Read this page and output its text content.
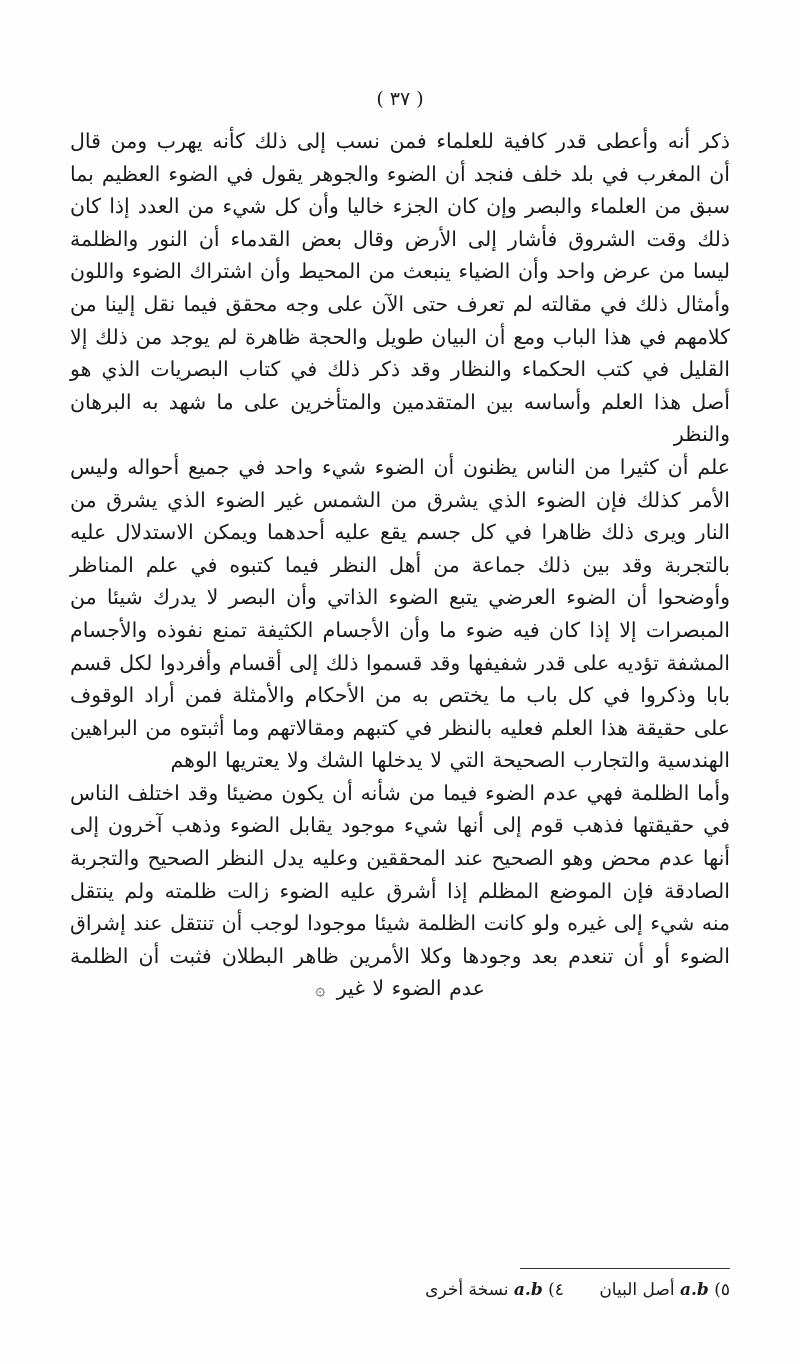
( ٣٧ )

ذكر أنه وأعطى قدر كافية للعلماء فمن نسب إلى ذلك كأنه يهرب ومن قال أن المغرب في بلد خلف فنجد أن الضوء والجوهر يقول في الضوء العظيم بما سبق من العلماء والبصر وإن كان الجزء خاليا وأن كل شيء من العدد إذا كان ذلك وقت الشروق فأشار إلى الأرض وقال بعض القدماء أن النور والظلمة ليسا من عرض واحد وأن الضياء ينبعث من المحيط وأن اشتراك الضوء واللون وأمثال ذلك في مقالته لم تعرف حتى الآن على وجه محقق فيما نقل إلينا من كلامهم في هذا الباب ومع أن البيان طويل والحجة ظاهرة لم يوجد من ذلك إلا القليل في كتب الحكماء والنظار وقد ذكر ذلك في كتاب البصريات الذي هو أصل هذا العلم وأساسه بين المتقدمين والمتأخرين على ما شهد به البرهان والنظر

علم أن كثيرا من الناس يظنون أن الضوء شيء واحد في جميع أحواله وليس الأمر كذلك فإن الضوء الذي يشرق من الشمس غير الضوء الذي يشرق من النار ويرى ذلك ظاهرا في كل جسم يقع عليه أحدهما ويمكن الاستدلال عليه بالتجربة وقد بين ذلك جماعة من أهل النظر فيما كتبوه في علم المناظر وأوضحوا أن الضوء العرضي يتبع الضوء الذاتي وأن البصر لا يدرك شيئا من المبصرات إلا إذا كان فيه ضوء ما وأن الأجسام الكثيفة تمنع نفوذه والأجسام المشفة تؤديه على قدر شفيفها وقد قسموا ذلك إلى أقسام وأفردوا لكل قسم بابا وذكروا في كل باب ما يختص به من الأحكام والأمثلة فمن أراد الوقوف على حقيقة هذا العلم فعليه بالنظر في كتبهم ومقالاتهم وما أثبتوه من البراهين الهندسية والتجارب الصحيحة التي لا يدخلها الشك ولا يعتريها الوهم

وأما الظلمة فهي عدم الضوء فيما من شأنه أن يكون مضيئا وقد اختلف الناس في حقيقتها فذهب قوم إلى أنها شيء موجود يقابل الضوء وذهب آخرون إلى أنها عدم محض وهو الصحيح عند المحققين وعليه يدل النظر الصحيح والتجربة الصادقة فإن الموضع المظلم إذا أشرق عليه الضوء زالت ظلمته ولم ينتقل منه شيء إلى غيره ولو كانت الظلمة شيئا موجودا لوجب أن تنتقل عند إشراق الضوء أو أن تنعدم بعد وجودها وكلا الأمرين ظاهر البطلان فثبت أن الظلمة عدم الضوء لا غير ۞

٥) a.b أصل البيان ٤) a.b نسخة أخرى
